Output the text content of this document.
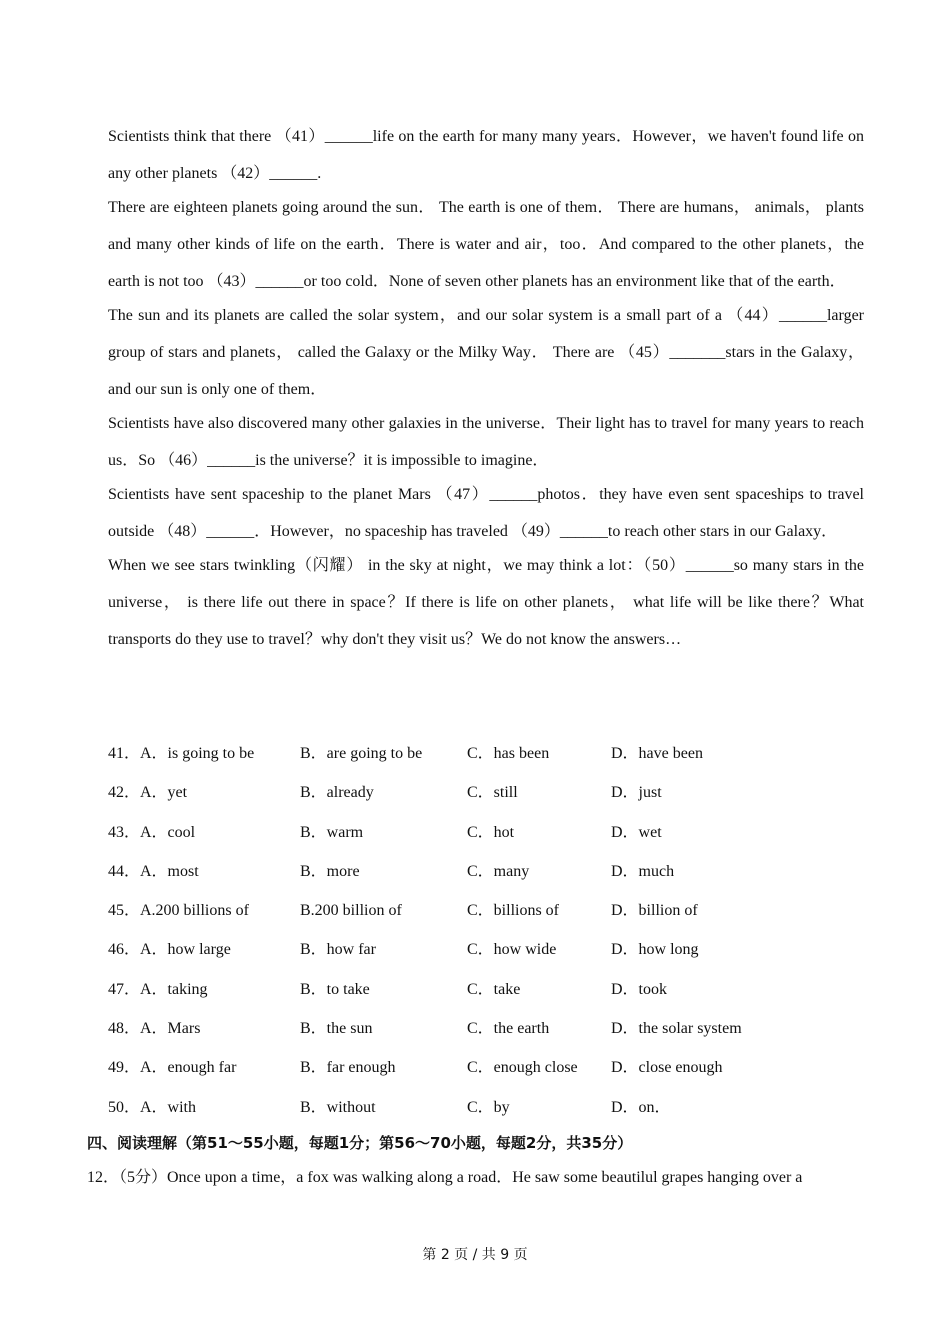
Scientists think that there （41）______life on the earth for many many years．However，we haven't found life on any other planets （42）______.

There are eighteen planets going around the sun． The earth is one of them． There are humans， animals， plants and many other kinds of life on the earth．There is water and air，too．And compared to the other planets，the earth is not too （43）______or too cold．None of seven other planets has an environment like that of the earth．

The sun and its planets are called the solar system，and our solar system is a small part of a （44）______larger group of stars and planets， called the Galaxy or the Milky Way． There are （45）_______stars in the Galaxy，and our sun is only one of them．

Scientists have also discovered many other galaxies in the universe．Their light has to travel for many years to reach us．So （46）______is the universe？it is impossible to imagine．

Scientists have sent spaceship to the planet Mars （47）______photos．they have even sent spaceships to travel outside （48）______．However，no spaceship has traveled （49）______to reach other stars in our Galaxy．

When we see stars twinkling（闪耀） in the sky at night，we may think a lot：（50）______so many stars in the universe， is there life out there in space？If there is life on other planets， what life will be like there？What transports do they use to travel？why don't they visit us？We do not know the answers…

41．A．is going to be	B．are going to be	C．has been	D．have been
42．A．yet	B．already	C．still	D．just
43．A．cool	B．warm	C．hot	D．wet
44．A．most	B．more	C．many	D．much
45．A.200 billions of	B.200 billion of	C．billions of	D．billion of
46．A．how large	B．how far	C．how wide	D．how long
47．A．taking	B．to take	C．take	D．took
48．A．Mars	B．the sun	C．the earth	D．the solar system
49．A．enough far	B．far enough	C．enough close D．close enough
50．A．with	B．without	C．by	D．on．
四、阅读理解（第51～55小题，每题1分；第56～70小题，每题2分，共35分）
12．（5分）Once upon a time，a fox was walking along a road．He saw some beautilul grapes hanging over a
第 2 页 / 共 9 页
